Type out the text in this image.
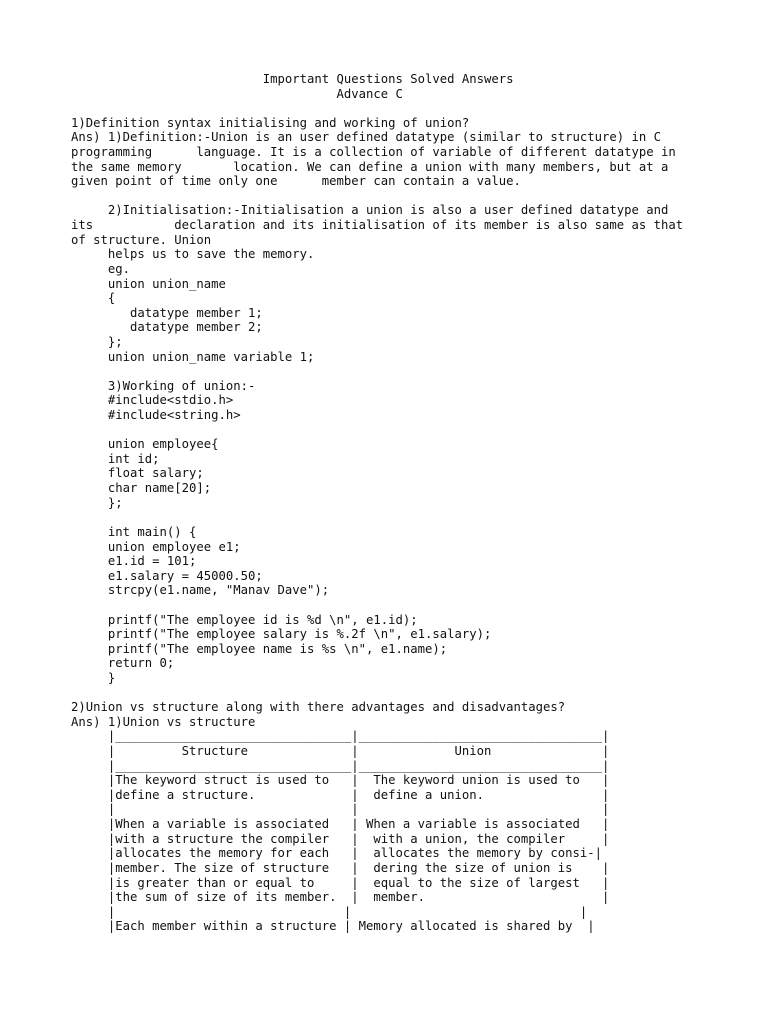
Important Questions Solved Answers
Advance C

1)Definition syntax initialising and working of union?
Ans) 1)Definition:-Union is an user defined datatype (similar to structure) in C
programming      language. It is a collection of variable of different datatype in
the same memory       location. We can define a union with many members, but at a
given point of time only one      member can contain a value.

2)Initialisation:-Initialisation a union is also a user defined datatype and
its           declaration and its initialisation of its member is also same as that
of structure. Union
helps us to save the memory.
eg.
union union_name
{
datatype member 1;
datatype member 2;
};
union union_name variable 1;

3)Working of union:-
#include<stdio.h>
#include<string.h>

union employee{
int id;
float salary;
char name[20];
};

int main() {
union employee e1;
e1.id = 101;
e1.salary = 45000.50;
strcpy(e1.name, "Manav Dave");

printf("The employee id is %d \n", e1.id);
printf("The employee salary is %.2f \n", e1.salary);
printf("The employee name is %s \n", e1.name);
return 0;
}

2)Union vs structure along with there advantages and disadvantages?
Ans) 1)Union vs structure
|________________________________|_________________________________|
|         Structure              |             Union               |
|________________________________|_________________________________|
|The keyword struct is used to   |  The keyword union is used to   |
|define a structure.             |  define a union.                |
|                                |                                 |
|When a variable is associated   | When a variable is associated   |
|with a structure the compiler   |  with a union, the compiler     |
|allocates the memory for each   |  allocates the memory by consi-|
|member. The size of structure   |  dering the size of union is    |
|is greater than or equal to     |  equal to the size of largest   |
|the sum of size of its member.  |  member.                        |
|                               |                               |
|Each member within a structure | Memory allocated is shared by  |
